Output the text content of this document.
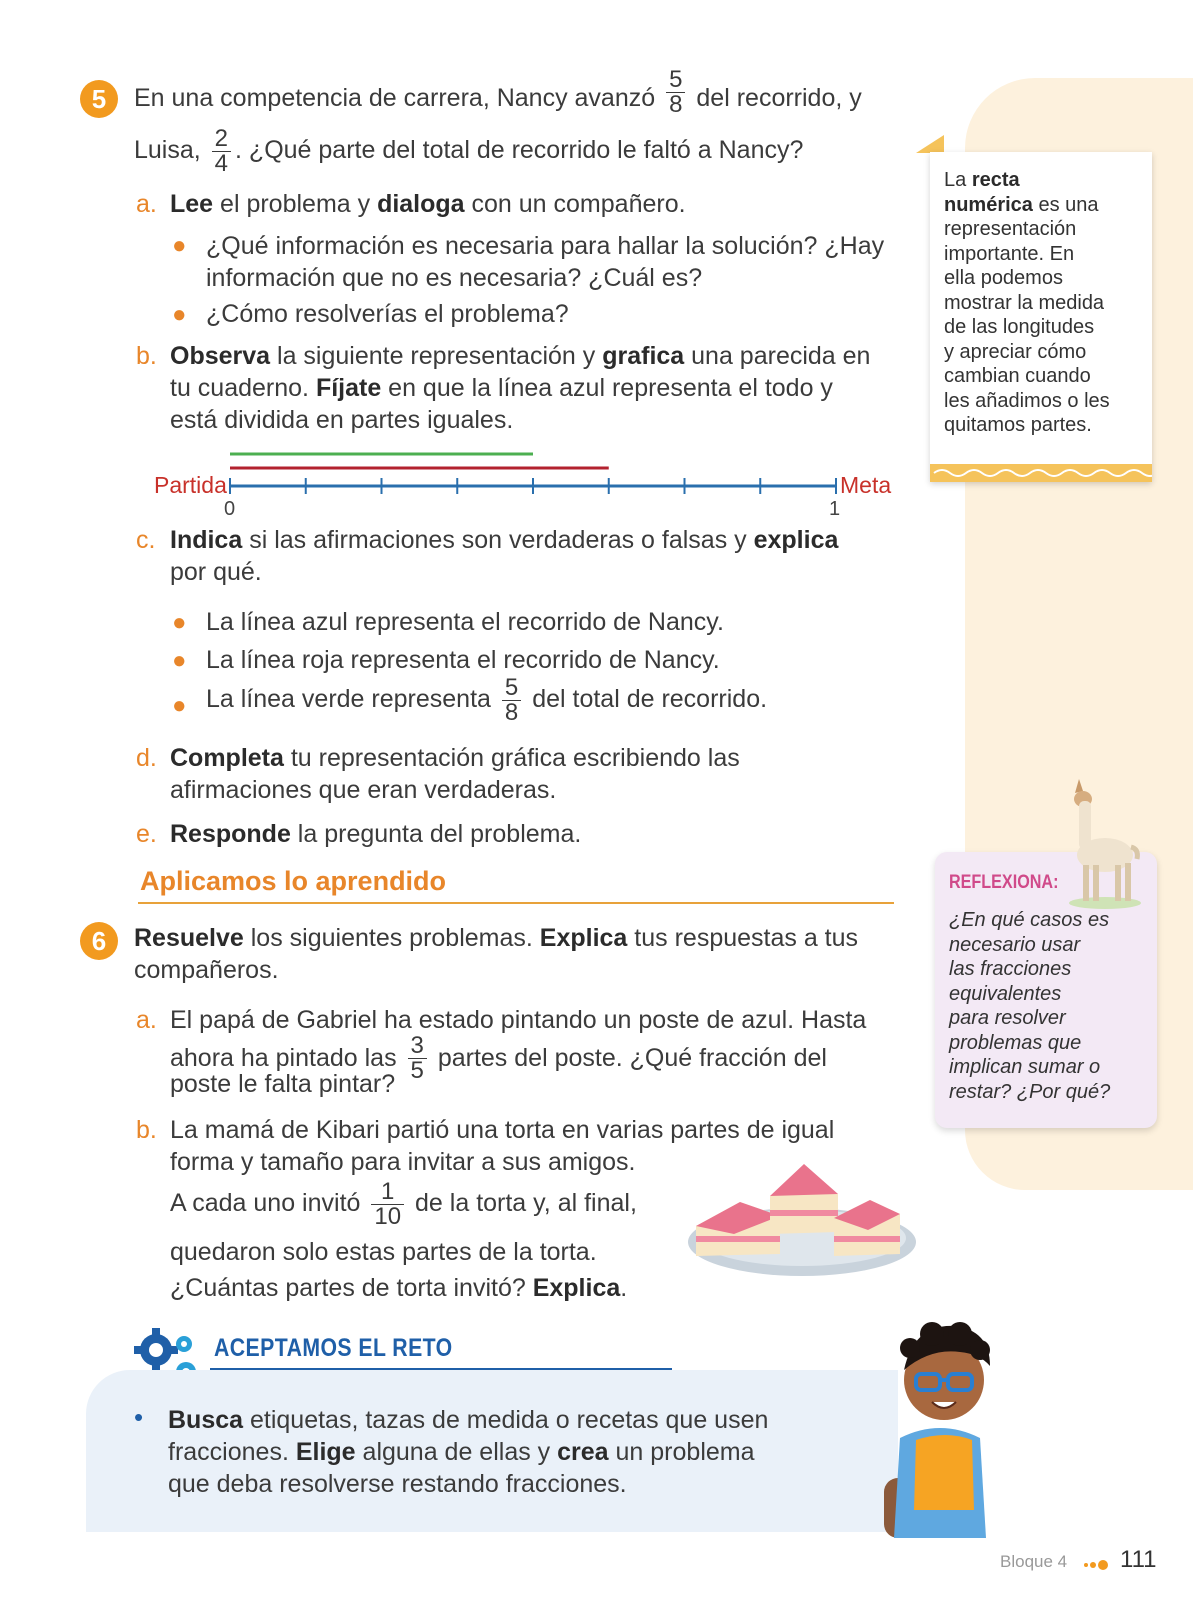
La recta
numérica es una
representación
importante. En
ella podemos
mostrar la medida
de las longitudes
y apreciar cómo
cambian cuando
les añadimos o les
quitamos partes.
REFLEXIONA:
¿En qué casos es
necesario usar
las fracciones
equivalentes
para resolver
problemas que
implican sumar o
restar? ¿Por qué?
5	En una competencia de carrera, Nancy avanzó $\frac{5}{8}$ del recorrido, y
Luisa, $\frac{2}{4}$ . ¿Qué parte del total de recorrido le faltó a Nancy?
a. Lee el problema y dialoga con un compañero.
● ¿Qué información es necesaria para hallar la solución? ¿Hay
información que no es necesaria? ¿Cuál es?
● ¿Cómo resolverías el problema?
b. Observa la siguiente representación y grafica una parecida en
tu cuaderno. Fíjate en que la línea azul representa el todo y
está dividida en partes iguales.
Partida	Meta
0	1
c. Indica si las afirmaciones son verdaderas o falsas y explica
por qué.
● La línea azul representa el recorrido de Nancy.
● La línea roja representa el recorrido de Nancy.
● La línea verde representa $\frac{5}{8}$ del total de recorrido.
d. Completa tu representación gráfica escribiendo las
afirmaciones que eran verdaderas.
e. Responde la pregunta del problema.
Aplicamos lo aprendido
6	Resuelve los siguientes problemas. Explica tus respuestas a tus
compañeros.
a. El papá de Gabriel ha estado pintando un poste de azul. Hasta
ahora ha pintado las $\frac{3}{5}$ partes del poste. ¿Qué fracción del
poste le falta pintar?
b. La mamá de Kibari partió una torta en varias partes de igual
forma y tamaño para invitar a sus amigos.
A cada uno invitó $\frac{1}{10}$ de la torta y, al final,
quedaron solo estas partes de la torta.
¿Cuántas partes de torta invitó? Explica.
ACEPTAMOS EL RETO
• Busca etiquetas, tazas de medida o recetas que usen
fracciones. Elige alguna de ellas y crea un problema
que deba resolverse restando fracciones.
Bloque 4 111
